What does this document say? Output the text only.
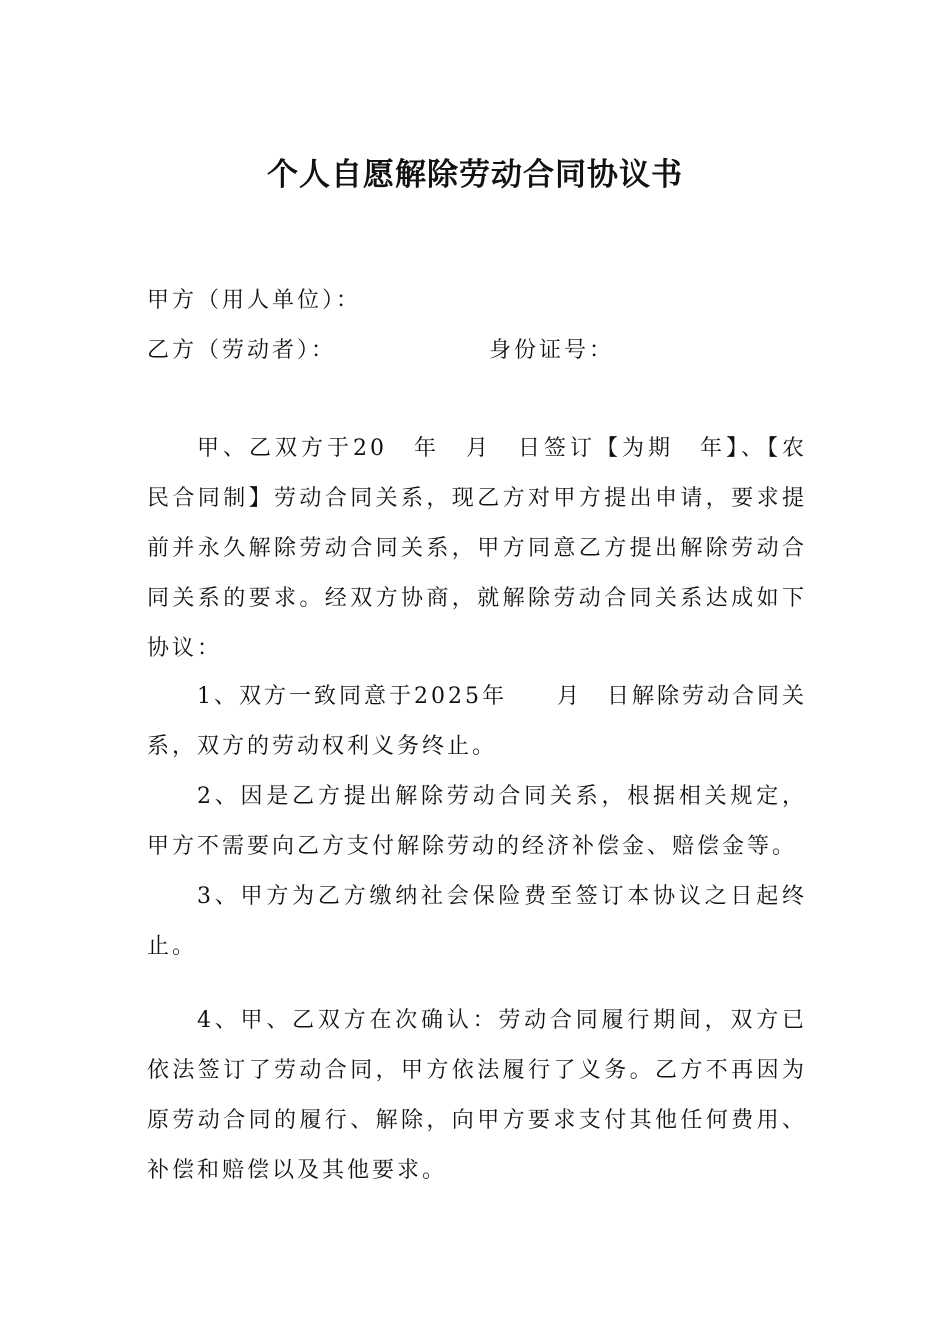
个人自愿解除劳动合同协议书
甲方（用人单位）：
乙方（劳动者）：	身份证号：

甲、乙双方于20　年　月　日签订【为期　年】、【农民合同制】劳动合同关系，现乙方对甲方提出申请，要求提前并永久解除劳动合同关系，甲方同意乙方提出解除劳动合同关系的要求。经双方协商，就解除劳动合同关系达成如下协议：

1、双方一致同意于2025年　　月　日解除劳动合同关系，双方的劳动权利义务终止。

2、因是乙方提出解除劳动合同关系，根据相关规定，甲方不需要向乙方支付解除劳动的经济补偿金、赔偿金等。

3、甲方为乙方缴纳社会保险费至签订本协议之日起终止。

4、甲、乙双方在次确认：劳动合同履行期间，双方已依法签订了劳动合同，甲方依法履行了义务。乙方不再因为原劳动合同的履行、解除，向甲方要求支付其他任何费用、补偿和赔偿以及其他要求。
